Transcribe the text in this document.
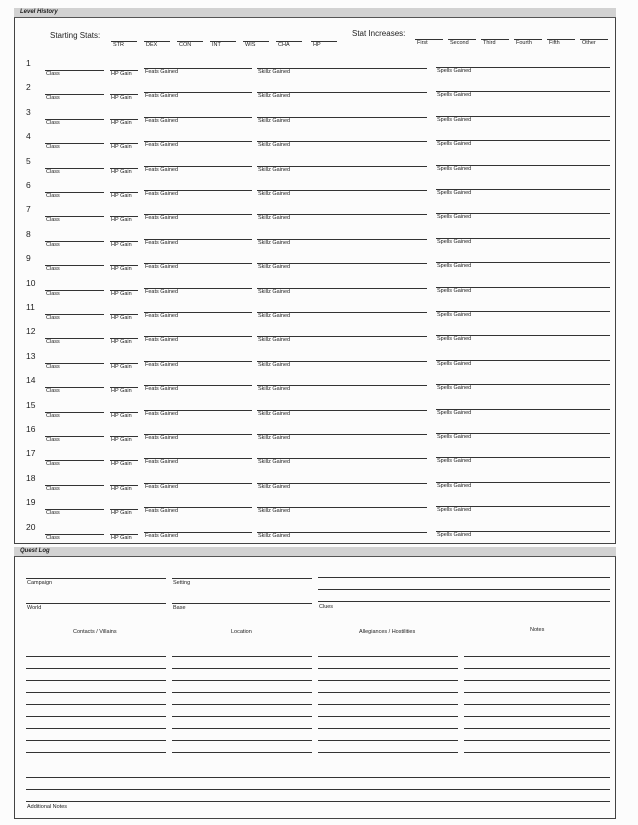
Level History
Starting Stats:
STR	DEX	CON	INT	WIS	CHA	HP
Stat Increases:
First	Second	Third	Fourth	Fifth	Other
1
Class	HP Gain Feats Gained	Skillz Gained	Spells Gained
2
Class	HP Gain Feats Gained	Skillz Gained	Spells Gained
3
Class	HP Gain Feats Gained	Skillz Gained	Spells Gained
4
Class	HP Gain Feats Gained	Skillz Gained	Spells Gained
5
Class	HP Gain Feats Gained	Skillz Gained	Spells Gained
6
Class	HP Gain Feats Gained	Skillz Gained	Spells Gained
7
Class	HP Gain Feats Gained	Skillz Gained	Spells Gained
8
Class	HP Gain Feats Gained	Skillz Gained	Spells Gained
9
Class	HP Gain Feats Gained	Skillz Gained	Spells Gained
10
Class	HP Gain Feats Gained	Skillz Gained	Spells Gained
11
Class	HP Gain Feats Gained	Skillz Gained	Spells Gained
12
Class	HP Gain Feats Gained	Skillz Gained	Spells Gained
13
Class	HP Gain Feats Gained	Skillz Gained	Spells Gained
14
Class	HP Gain Feats Gained	Skillz Gained	Spells Gained
15
Class	HP Gain Feats Gained	Skillz Gained	Spells Gained
16
Class	HP Gain Feats Gained	Skillz Gained	Spells Gained
17
Class	HP Gain Feats Gained	Skillz Gained	Spells Gained
18
Class	HP Gain Feats Gained	Skillz Gained	Spells Gained
19
Class	HP Gain Feats Gained	Skillz Gained	Spells Gained
20
Class	HP Gain Feats Gained	Skillz Gained	Spells Gained
Quest Log
Campaign	Setting
World	Base	Clues
Contacts / Villains	Location	Allegiances / Hostilities	Notes
Additional Notes
